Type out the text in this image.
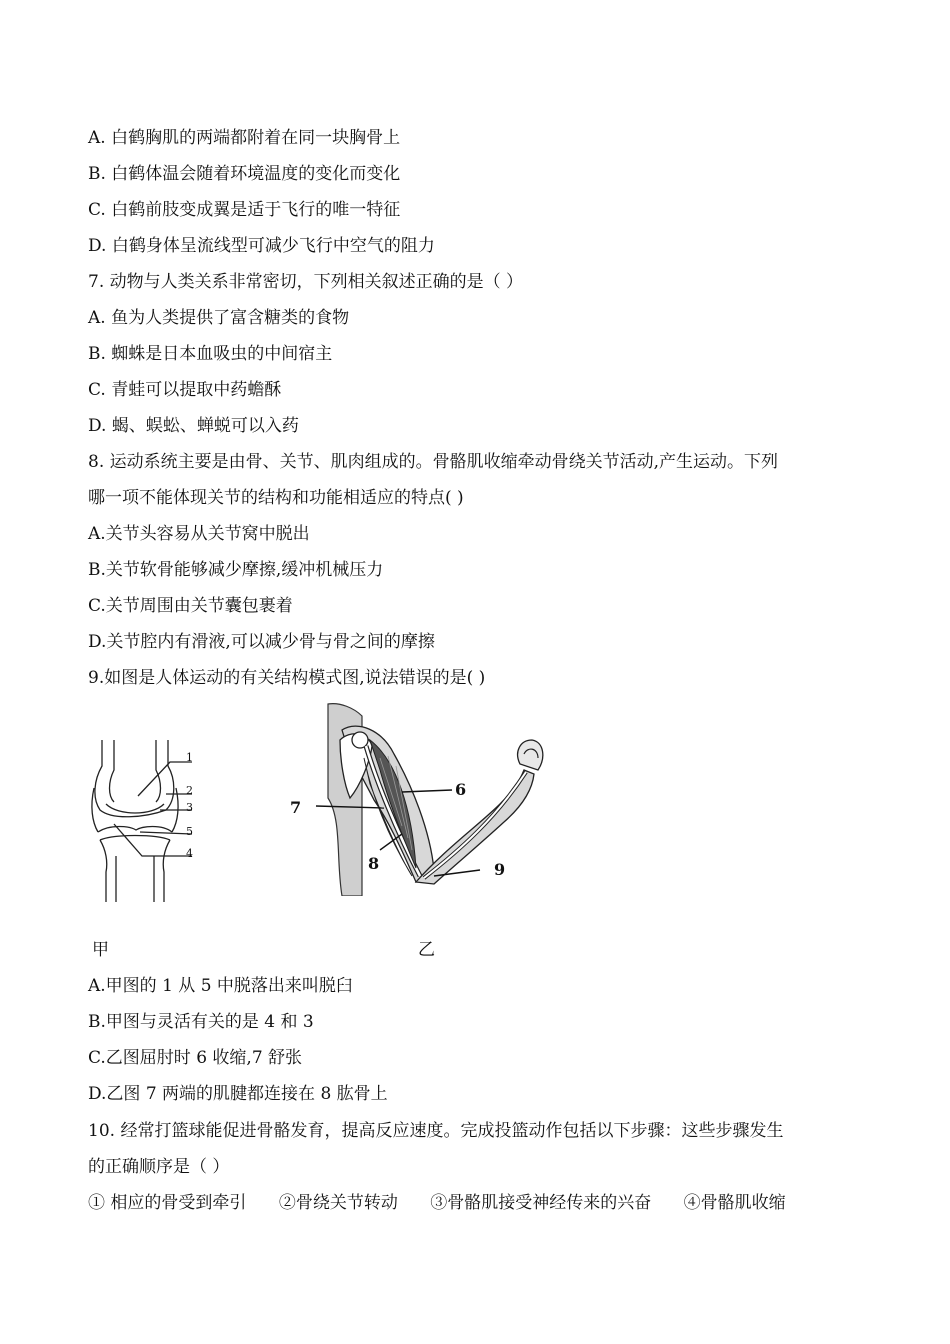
A. 白鹤胸肌的两端都附着在同一块胸骨上
B. 白鹤体温会随着环境温度的变化而变化
C. 白鹤前肢变成翼是适于飞行的唯一特征
D. 白鹤身体呈流线型可减少飞行中空气的阻力
7. 动物与人类关系非常密切，下列相关叙述正确的是（ ）
A. 鱼为人类提供了富含糖类的食物
B. 蜘蛛是日本血吸虫的中间宿主
C. 青蛙可以提取中药蟾酥
D. 蝎、蜈蚣、蝉蜕可以入药
8. 运动系统主要是由骨、关节、肌肉组成的。骨骼肌收缩牵动骨绕关节活动,产生运动。下列
哪一项不能体现关节的结构和功能相适应的特点( )
A.关节头容易从关节窝中脱出
B.关节软骨能够减少摩擦,缓冲机械压力
C.关节周围由关节囊包裹着
D.关节腔内有滑液,可以减少骨与骨之间的摩擦
9.如图是人体运动的有关结构模式图,说法错误的是( )
1
2
3
5
4
6
7
8	9
甲	乙
A.甲图的 1 从 5 中脱落出来叫脱臼
B.甲图与灵活有关的是 4 和 3
C.乙图屈肘时 6 收缩,7 舒张
D.乙图 7 两端的肌腱都连接在 8 肱骨上
10. 经常打篮球能促进骨骼发育，提高反应速度。完成投篮动作包括以下步骤：这些步骤发生
的正确顺序是（ ）
① 相应的骨受到牵引      ②骨绕关节转动      ③骨骼肌接受神经传来的兴奋      ④骨骼肌收缩
